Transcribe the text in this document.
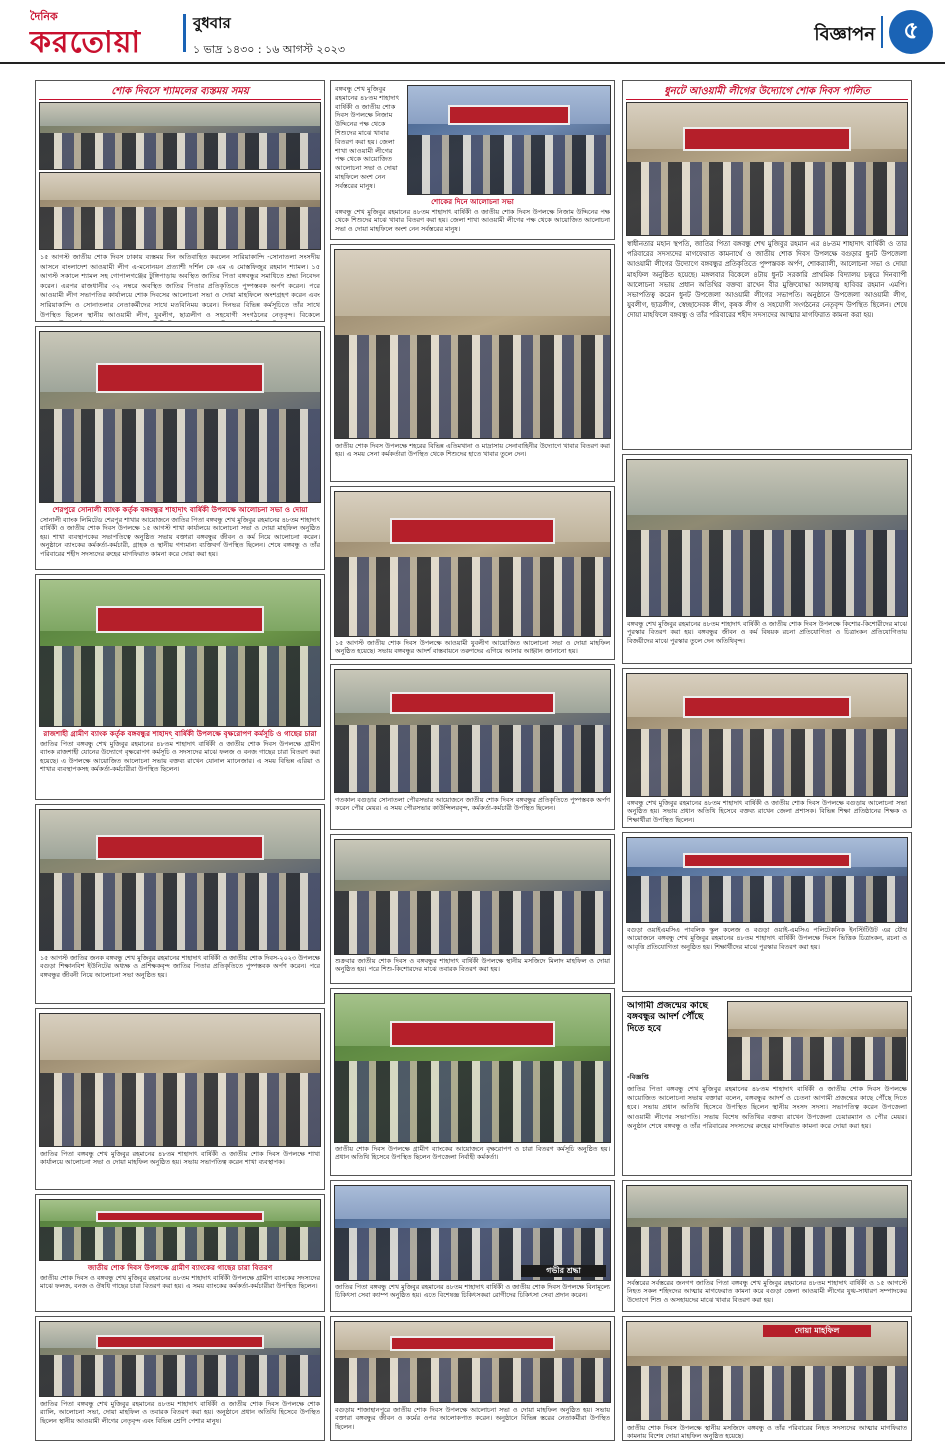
দৈনিক
করতোয়া
বুধবার
১ ভাদ্র ১৪৩০ : ১৬ আগস্ট ২০২৩
বিজ্ঞাপন	৫
শোক দিবসে শ্যামলের ব্যস্তময় সময়
১৫ আগস্ট জাতীয় শোক দিবস ঢাকায় ব্যস্তময় দিন অতিবাহিত করলেন সারিয়াকান্দি -সোনাতলা সংসদীয় আসনে বাংলাদেশ আওয়ামী লীগ এ-মনোনয়ন প্রত্যাশী দর্শিল কে এম এ মোস্তফিজুর রহমান শ্যামল। ১৫ আগস্ট সকালে শ্যামল সহ গোপালগঞ্জের টুঙ্গিপাড়ায় অবস্থিত জাতির পিতা বঙ্গবন্ধুর সমাধিতে শ্রদ্ধা নিবেদন করেন। এরপর রাজধানীর ৩২ নম্বরে অবস্থিত জাতির পিতার প্রতিকৃতিতে পুষ্পস্তবক অর্পণ করেন। পরে আওয়ামী লীগ সভাপতির কার্যালয়ে শোক দিবসের আলোচনা সভা ও দোয়া মাহফিলে অংশগ্রহণ করেন এবং সারিয়াকান্দি ও সোনাতলার নেতাকর্মীদের সাথে মতবিনিময় করেন। দিনভর বিভিন্ন কর্মসূচিতে তাঁর সাথে উপস্থিত ছিলেন স্থানীয় আওয়ামী লীগ, যুবলীগ, ছাত্রলীগ ও সহযোগী সংগঠনের নেতৃবৃন্দ। বিকেলে
শেরপুরে সোনালী ব্যাংক কর্তৃক বঙ্গবন্ধুর শাহাদাৎ বার্ষিকী উপলক্ষে আলোচনা সভা ও দোয়া
সোনালী ব্যাংক লিমিটেড শেরপুর শাখার আয়োজনে জাতির পিতা বঙ্গবন্ধু শেখ মুজিবুর রহমানের ৪৮তম শাহাদাৎ বার্ষিকী ও জাতীয় শোক দিবস উপলক্ষে ১৫ আগস্ট শাখা কার্যালয়ে আলোচনা সভা ও দোয়া মাহফিল অনুষ্ঠিত হয়। শাখা ব্যবস্থাপকের সভাপতিত্বে অনুষ্ঠিত সভায় বক্তারা বঙ্গবন্ধুর জীবন ও কর্ম নিয়ে আলোচনা করেন। অনুষ্ঠানে ব্যাংকের কর্মকর্তা-কর্মচারী, গ্রাহক ও স্থানীয় গণ্যমান্য ব্যক্তিবর্গ উপস্থিত ছিলেন। শেষে বঙ্গবন্ধু ও তাঁর পরিবারের শহীদ সদস্যদের রুহের মাগফিরাত কামনা করে দোয়া করা হয়।
রাজশাহী গ্রামীণ ব্যাংক কর্তৃক বঙ্গবন্ধুর শাহাদৎ বার্ষিকী উপলক্ষে বৃক্ষরোপণ কর্মসূচি ও গাছের চারা
জাতির পিতা বঙ্গবন্ধু শেখ মুজিবুর রহমানের ৪৮তম শাহাদাৎ বার্ষিকী ও জাতীয় শোক দিবস উপলক্ষে গ্রামীণ ব্যাংক রাজশাহী যোনের উদ্যোগে বৃক্ষরোপণ কর্মসূচি ও সদস্যদের মাঝে ফলজ ও বনজ গাছের চারা বিতরণ করা হয়েছে। এ উপলক্ষে আয়োজিত আলোচনা সভায় বক্তব্য রাখেন যোনাল ম্যানেজার। এ সময় বিভিন্ন এরিয়া ও শাখার ব্যবস্থাপকসহ কর্মকর্তা-কর্মচারীরা উপস্থিত ছিলেন।
১৫ আগস্ট জাতির জনক বঙ্গবন্ধু শেখ মুজিবুর রহমানের শাহাদাৎ বার্ষিকী ও জাতীয় শোক দিবস-২০২৩ উপলক্ষে বগুড়া শিক্ষানবিশ ইউনিটের অধ্যক্ষ ও প্রশিক্ষকবৃন্দ জাতির পিতার প্রতিকৃতিতে পুষ্পস্তবক অর্পণ করেন। পরে বঙ্গবন্ধুর জীবনী নিয়ে আলোচনা সভা অনুষ্ঠিত হয়।
জাতির পিতা বঙ্গবন্ধু শেখ মুজিবুর রহমানের ৪৮তম শাহাদাৎ বার্ষিকী ও জাতীয় শোক দিবস উপলক্ষে শাখা কার্যালয়ে আলোচনা সভা ও দোয়া মাহফিল অনুষ্ঠিত হয়। সভায় সভাপতিত্ব করেন শাখা ব্যবস্থাপক।
জাতীয় শোক দিবস উপলক্ষে গ্রামীণ ব্যাংকের গাছের চারা বিতরণ
জাতীয় শোক দিবস ও বঙ্গবন্ধু শেখ মুজিবুর রহমানের ৪৮তম শাহাদাৎ বার্ষিকী উপলক্ষে গ্রামীণ ব্যাংকের সদস্যদের মাঝে ফলজ, বনজ ও ঔষধি গাছের চারা বিতরণ করা হয়। এ সময় ব্যাংকের কর্মকর্তা-কর্মচারীরা উপস্থিত ছিলেন।
জাতির পিতা বঙ্গবন্ধু শেখ মুজিবুর রহমানের ৪৮তম শাহাদাৎ বার্ষিকী ও জাতীয় শোক দিবস উপলক্ষে শোক র‍্যালি, আলোচনা সভা, দোয়া মাহফিল ও তবারক বিতরণ করা হয়। অনুষ্ঠানে প্রধান অতিথি হিসেবে উপস্থিত ছিলেন স্থানীয় আওয়ামী লীগের নেতৃবৃন্দ এবং বিভিন্ন শ্রেণি পেশার মানুষ।
বঙ্গবন্ধু শেখ মুজিবুর রহমানের ৪৮তম শাহাদাৎ বার্ষিকী ও জাতীয় শোক দিবস উপলক্ষে নিজাম উদ্দিনের পক্ষ থেকে শিশুদের মাঝে খাবার বিতরণ করা হয়। জেলা শাখা আওয়ামী লীগের পক্ষ থেকে আয়োজিত আলোচনা সভা ও দোয়া মাহফিলে অংশ নেন সর্বস্তরের মানুষ।
শোকের দিনে আলোচনা সভা
বঙ্গবন্ধু শেখ মুজিবুর রহমানের ৪৮তম শাহাদাৎ বার্ষিকী ও জাতীয় শোক দিবস উপলক্ষে নিজাম উদ্দিনের পক্ষ থেকে শিশুদের মাঝে খাবার বিতরণ করা হয়। জেলা শাখা আওয়ামী লীগের পক্ষ থেকে আয়োজিত আলোচনা সভা ও দোয়া মাহফিলে অংশ নেন সর্বস্তরের মানুষ।
জাতীয় শোক দিবস উপলক্ষে শহরের বিভিন্ন এতিমখানা ও মাদ্রাসায় সেনাবাহিনীর উদ্যোগে খাবার বিতরণ করা হয়। এ সময় সেনা কর্মকর্তারা উপস্থিত থেকে শিশুদের হাতে খাবার তুলে দেন।
১৫ আগস্ট জাতীয় শোক দিবস উপলক্ষে আওয়ামী যুবলীগ আয়োজিত আলোচনা সভা ও দোয়া মাহফিল অনুষ্ঠিত হয়েছে। সভায় বঙ্গবন্ধুর আদর্শ বাস্তবায়নে তরুণদের এগিয়ে আসার আহ্বান জানানো হয়।
গতকাল বগুড়ার সোনাতলা পৌরসভার আয়োজনে জাতীয় শোক দিবস বঙ্গবন্ধুর প্রতিকৃতিতে পুষ্পস্তবক অর্পণ করেন পৌর মেয়র। এ সময় পৌরসভার কাউন্সিলরবৃন্দ, কর্মকর্তা-কর্মচারী উপস্থিত ছিলেন।
শুক্রবার জাতীয় শোক দিবস ও বঙ্গবন্ধুর শাহাদাৎ বার্ষিকী উপলক্ষে স্থানীয় মসজিদে মিলাদ মাহফিল ও দোয়া অনুষ্ঠিত হয়। পরে শিশু-কিশোরদের মাঝে তবারক বিতরণ করা হয়।
জাতীয় শোক দিবস উপলক্ষে গ্রামীণ ব্যাংকের আয়োজনে বৃক্ষরোপণ ও চারা বিতরণ কর্মসূচি অনুষ্ঠিত হয়। প্রধান অতিথি হিসেবে উপস্থিত ছিলেন উপজেলা নির্বাহী কর্মকর্তা।
গভীর শ্রদ্ধা
জাতির পিতা বঙ্গবন্ধু শেখ মুজিবুর রহমানের ৪৮তম শাহাদাৎ বার্ষিকী ও জাতীয় শোক দিবস উপলক্ষে বিনামূল্যে চিকিৎসা সেবা ক্যাম্প অনুষ্ঠিত হয়। এতে বিশেষজ্ঞ চিকিৎসকরা রোগীদের চিকিৎসা সেবা প্রদান করেন।
বগুড়ায় শাজাহানপুরে জাতীয় শোক দিবস উপলক্ষে আলোচনা সভা ও দোয়া মাহফিল অনুষ্ঠিত হয়। সভায় বক্তারা বঙ্গবন্ধুর জীবন ও কর্মের ওপর আলোকপাত করেন। অনুষ্ঠানে বিভিন্ন স্তরের নেতাকর্মীরা উপস্থিত ছিলেন।
ধুনটে আওয়ামী লীগের উদ্যোগে শোক দিবস পালিত
স্বাধীনতার মহান স্থপতি, জাতির পিতা বঙ্গবন্ধু শেখ মুজিবুর রহমান এর ৪৮তম শাহাদাৎ বার্ষিকী ও তার পরিবারের সদস্যদের মাগফেরাত কামনার্থে ও জাতীয় শোক দিবস উপলক্ষে বগুড়ার ধুনট উপজেলা আওয়ামী লীগের উদ্যোগে বঙ্গবন্ধুর প্রতিকৃতিতে পুষ্পস্তবক অর্পণ, শোকর‍্যালী, আলোচনা সভা ও দোয়া মাহফিল অনুষ্ঠিত হয়েছে। মঙ্গলবার বিকেলে ৪টায় ধুনট সরকারি প্রাথমিক বিদ্যালয় চত্বরে দিনব্যাপী আলোচনা সভায় প্রধান অতিথির বক্তব্য রাখেন বীর মুক্তিযোদ্ধা আলহাজ্ব হাবিবর রহমান এমপি। সভাপতিত্ব করেন ধুনট উপজেলা আওয়ামী লীগের সভাপতি। অনুষ্ঠানে উপজেলা আওয়ামী লীগ, যুবলীগ, ছাত্রলীগ, স্বেচ্ছাসেবক লীগ, কৃষক লীগ ও সহযোগী সংগঠনের নেতৃবৃন্দ উপস্থিত ছিলেন। শেষে দোয়া মাহফিলে বঙ্গবন্ধু ও তাঁর পরিবারের শহীদ সদস্যদের আত্মার মাগফিরাত কামনা করা হয়।
বঙ্গবন্ধু শেখ মুজিবুর রহমানের ৪৮তম শাহাদাৎ বার্ষিকী ও জাতীয় শোক দিবস উপলক্ষে কিশোর-কিশোরীদের মাঝে পুরস্কার বিতরণ করা হয়। বঙ্গবন্ধুর জীবন ও কর্ম বিষয়ক রচনা প্রতিযোগিতা ও চিত্রাংকন প্রতিযোগিতায় বিজয়ীদের মাঝে পুরস্কার তুলে দেন অতিথিবৃন্দ।
বঙ্গবন্ধু শেখ মুজিবুর রহমানের ৪৮তম শাহাদাৎ বার্ষিকী ও জাতীয় শোক দিবস উপলক্ষে বগুড়ায় আলোচনা সভা অনুষ্ঠিত হয়। সভায় প্রধান অতিথি হিসেবে বক্তব্য রাখেন জেলা প্রশাসক। বিভিন্ন শিক্ষা প্রতিষ্ঠানের শিক্ষক ও শিক্ষার্থীরা উপস্থিত ছিলেন।
বগুড়া ওয়াইএমসিএ পাবলিক স্কুল কলেজ ও বগুড়া ওয়াই-এমসিএ পলিটেকনিক ইনস্টিটিউট এর যৌথ আয়োজনে বঙ্গবন্ধু শেখ মুজিবুর রহমানের ৪৮তম শাহাদাৎ বার্ষিকী উপলক্ষে দিবস ভিত্তিক চিত্রাংকন, রচনা ও আবৃত্তি প্রতিযোগিতা অনুষ্ঠিত হয়। শিক্ষার্থীদের মাঝে পুরস্কার বিতরণ করা হয়।
আগামী প্রজন্মের কাছে বঙ্গবন্ধুর আদর্শ পৌঁছে দিতে হবে
-বিজ্ঞপ্তি
জাতির পিতা বঙ্গবন্ধু শেখ মুজিবুর রহমানের ৪৮তম শাহাদাৎ বার্ষিকী ও জাতীয় শোক দিবস উপলক্ষে আয়োজিত আলোচনা সভায় বক্তারা বলেন, বঙ্গবন্ধুর আদর্শ ও চেতনা আগামী প্রজন্মের কাছে পৌঁছে দিতে হবে। সভায় প্রধান অতিথি হিসেবে উপস্থিত ছিলেন স্থানীয় সংসদ সদস্য। সভাপতিত্ব করেন উপজেলা আওয়ামী লীগের সভাপতি। সভায় বিশেষ অতিথির বক্তব্য রাখেন উপজেলা চেয়ারম্যান ও পৌর মেয়র। অনুষ্ঠান শেষে বঙ্গবন্ধু ও তাঁর পরিবারের সদস্যদের রুহের মাগফিরাত কামনা করে দোয়া করা হয়।
সর্বস্তরের সর্বস্তরের জনগণ জাতির পিতা বঙ্গবন্ধু শেখ মুজিবুর রহমানের ৪৮তম শাহাদাৎ বার্ষিকী ও ১৫ আগস্টে নিহত সকল শহিদদের আত্মার মাগফেরাত কামনা করে বগুড়া জেলা আওয়ামী লীগের যুগ্ম-সাধারণ সম্পাদকের উদ্যোগে শিশু ও অসহায়দের মাঝে খাবার বিতরণ করা হয়।
দোয়া মাহফিল
জাতীয় শোক দিবস উপলক্ষে স্থানীয় মসজিদে বঙ্গবন্ধু ও তাঁর পরিবারের নিহত সদস্যদের আত্মার মাগফিরাত কামনায় বিশেষ দোয়া মাহফিল অনুষ্ঠিত হয়েছে।
